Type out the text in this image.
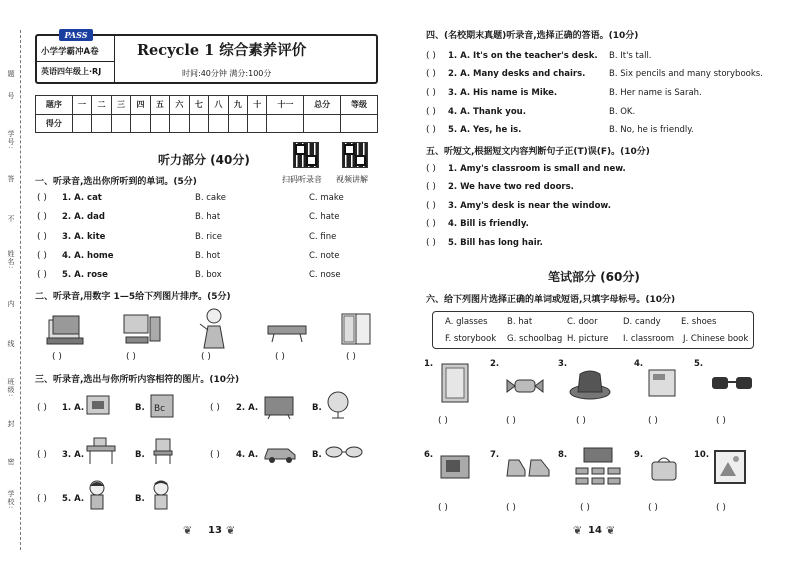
题
号
学号:
答
不
姓名:
内
线
班级:
封
密
学校:
PASS
小学学霸冲A卷
英语四年级上·RJ
Recycle 1 综合素养评价
时间:40分钟 满分:100分
题序	一	二	三	四	五	六	七	八	九	十	十一	总分	等级
得分													
听力部分 (40分)
扫码听录音 视频讲解
一、听录音,选出你所听到的单词。(5分)
( ) 1. A. cat	B. cake	C. make
( ) 2. A. dad	B. hat	C. hate
( ) 3. A. kite	B. rice	C. fine
( ) 4. A. home	B. hot	C. note
( ) 5. A. rose	B. box	C. nose
二、听录音,用数字 1—5给下列图片排序。(5分)
( )	( )	( )	( )	( )
三、听录音,选出与你所听内容相符的图片。(10分)
( ) 1. A.	B. Bc	( ) 2. A.	B.
( ) 3. A.	B.	( ) 4. A.	B.
( ) 5. A.	B.
❦ 13 ❦
四、(名校期末真题)听录音,选择正确的答语。(10分)
( ) 1. A. It's on the teacher's desk. B. It's tall.
( ) 2. A. Many desks and chairs.	B. Six pencils and many storybooks.
( ) 3. A. His name is Mike.	B. Her name is Sarah.
( ) 4. A. Thank you.	B. OK.
( ) 5. A. Yes, he is.	B. No, he is friendly.
五、听短文,根据短文内容判断句子正(T)误(F)。(10分)
( ) 1. Amy's classroom is small and new.
( ) 2. We have two red doors.
( ) 3. Amy's desk is near the window.
( ) 4. Bill is friendly.
( ) 5. Bill has long hair.
笔试部分 (60分)
六、给下列图片选择正确的单词或短语,只填字母标号。(10分)
A. glasses B. hat	C. door	D. candy E. shoes
F. storybook G. schoolbag H. picture I. classroom J. Chinese book
1.	2.	3.	4.	5.
( )	( )	( )	( )	( )
6.	7.	8.	9.	10.
( )	( )	( )	( )	( )
❦ 14 ❦
